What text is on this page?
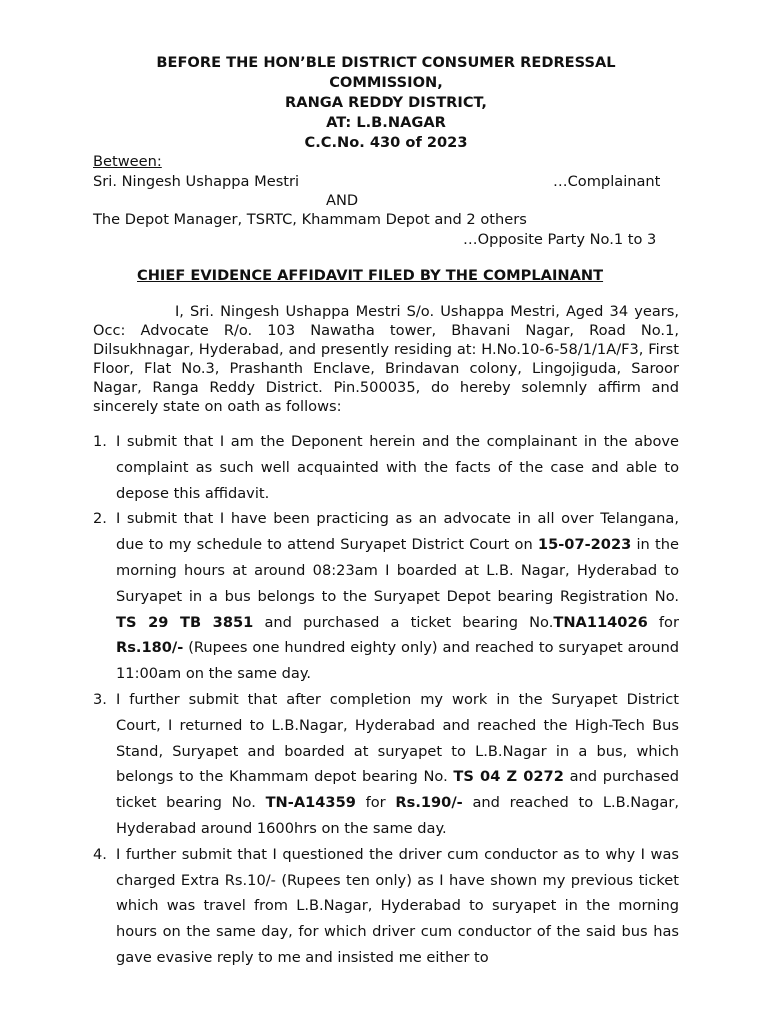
BEFORE THE HON’BLE DISTRICT CONSUMER REDRESSAL
COMMISSION,
RANGA REDDY DISTRICT,
AT: L.B.NAGAR
C.C.No. 430 of 2023
Between:
Sri. Ningesh Ushappa Mestri	…Complainant
AND
The Depot Manager, TSRTC, Khammam Depot and 2 others
…Opposite Party No.1 to 3
CHIEF EVIDENCE AFFIDAVIT FILED BY THE COMPLAINANT

I, Sri. Ningesh Ushappa Mestri S/o. Ushappa Mestri, Aged 34 years, Occ: Advocate R/o. 103 Nawatha tower, Bhavani Nagar, Road No.1, Dilsukhnagar, Hyderabad, and presently residing at: H.No.10-6-58/1/1A/F3, First Floor, Flat No.3, Prashanth Enclave, Brindavan colony, Lingojiguda, Saroor Nagar, Ranga Reddy District. Pin.500035, do hereby solemnly affirm and sincerely state on oath as follows:

1. I submit that I am the Deponent herein and the complainant in the above complaint as such well acquainted with the facts of the case and able to depose this affidavit.
2. I submit that I have been practicing as an advocate in all over Telangana, due to my schedule to attend Suryapet District Court on 15-07-2023 in the morning hours at around 08:23am I boarded at L.B. Nagar, Hyderabad to Suryapet in a bus belongs to the Suryapet Depot bearing Registration No. TS 29 TB 3851 and purchased a ticket bearing No.TNA114026 for Rs.180/- (Rupees one hundred eighty only) and reached to suryapet around 11:00am on the same day.
3. I further submit that after completion my work in the Suryapet District Court, I returned to L.B.Nagar, Hyderabad and reached the High-Tech Bus Stand, Suryapet and boarded at suryapet to L.B.Nagar in a bus, which belongs to the Khammam depot bearing No. TS 04 Z 0272 and purchased ticket bearing No. TN-A14359 for Rs.190/- and reached to L.B.Nagar, Hyderabad around 1600hrs on the same day.
4. I further submit that I questioned the driver cum conductor as to why I was charged Extra Rs.10/- (Rupees ten only) as I have shown my previous ticket which was travel from L.B.Nagar, Hyderabad to suryapet in the morning hours on the same day, for which driver cum conductor of the said bus has gave evasive reply to me and insisted me either to
